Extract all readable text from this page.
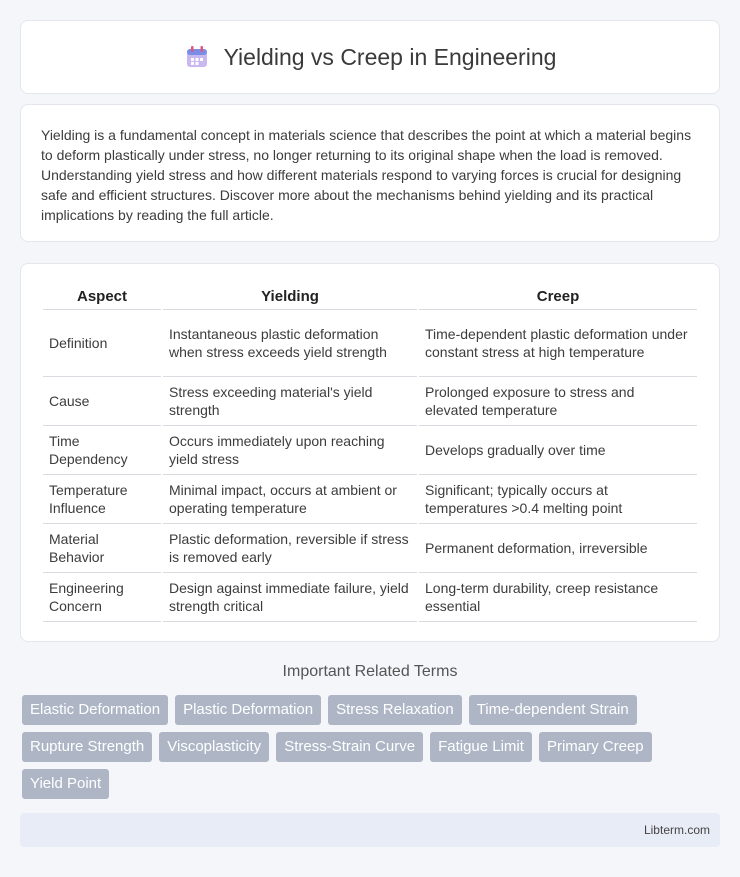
Yielding vs Creep in Engineering

Yielding is a fundamental concept in materials science that describes the point at which a material begins to deform plastically under stress, no longer returning to its original shape when the load is removed. Understanding yield stress and how different materials respond to varying forces is crucial for designing safe and efficient structures. Discover more about the mechanisms behind yielding and its practical implications by reading the full article.

Aspect	Yielding	Creep
Definition	Instantaneous plastic deformation when stress exceeds yield strength	Time-dependent plastic deformation under constant stress at high temperature
Cause	Stress exceeding material's yield strength	Prolonged exposure to stress and elevated temperature
Time Dependency	Occurs immediately upon reaching yield stress	Develops gradually over time
Temperature Influence	Minimal impact, occurs at ambient or operating temperature	Significant; typically occurs at temperatures >0.4 melting point
Material Behavior	Plastic deformation, reversible if stress is removed early	Permanent deformation, irreversible
Engineering Concern	Design against immediate failure, yield strength critical	Long-term durability, creep resistance essential
Important Related Terms
Elastic Deformation	Plastic Deformation	Stress Relaxation	Time-dependent Strain
Rupture Strength	Viscoplasticity	Stress-Strain Curve	Fatigue Limit	Primary Creep
Yield Point
Libterm.com
